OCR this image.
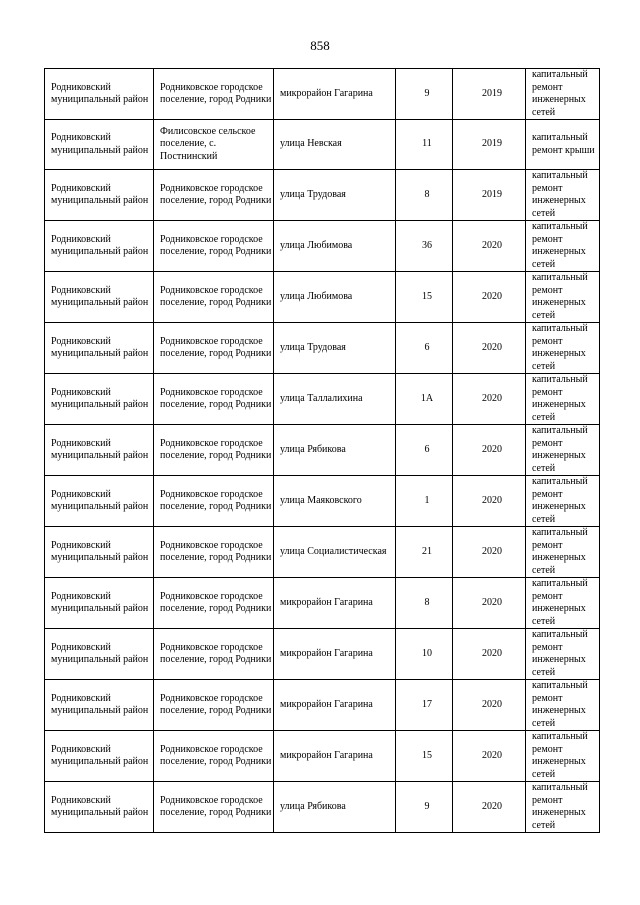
858
Родниковский муниципальный район	Родниковское городское поселение, город Родники	микрорайон Гагарина	9	2019	капитальный ремонт инженерных сетей

Родниковский муниципальный район	Филисовское сельское поселение, с. Постнинский	улица Невская	11	2019	капитальный ремонт крыши

Родниковский муниципальный район	Родниковское городское поселение, город Родники	улица Трудовая	8	2019	капитальный ремонт инженерных сетей

Родниковский муниципальный район	Родниковское городское поселение, город Родники	улица Любимова	36	2020	капитальный ремонт инженерных сетей

Родниковский муниципальный район	Родниковское городское поселение, город Родники	улица Любимова	15	2020	капитальный ремонт инженерных сетей

Родниковский муниципальный район	Родниковское городское поселение, город Родники	улица Трудовая	6	2020	капитальный ремонт инженерных сетей

Родниковский муниципальный район	Родниковское городское поселение, город Родники	улица Таллалихина	1А	2020	капитальный ремонт инженерных сетей

Родниковский муниципальный район	Родниковское городское поселение, город Родники	улица Рябикова	6	2020	капитальный ремонт инженерных сетей

Родниковский муниципальный район	Родниковское городское поселение, город Родники	улица Маяковского	1	2020	капитальный ремонт инженерных сетей

Родниковский муниципальный район	Родниковское городское поселение, город Родники	улица Социалистическая	21	2020	капитальный ремонт инженерных сетей

Родниковский муниципальный район	Родниковское городское поселение, город Родники	микрорайон Гагарина	8	2020	капитальный ремонт инженерных сетей

Родниковский муниципальный район	Родниковское городское поселение, город Родники	микрорайон Гагарина	10	2020	капитальный ремонт инженерных сетей

Родниковский муниципальный район	Родниковское городское поселение, город Родники	микрорайон Гагарина	17	2020	капитальный ремонт инженерных сетей

Родниковский муниципальный район	Родниковское городское поселение, город Родники	микрорайон Гагарина	15	2020	капитальный ремонт инженерных сетей

Родниковский муниципальный район	Родниковское городское поселение, город Родники	улица Рябикова	9	2020	капитальный ремонт инженерных сетей
